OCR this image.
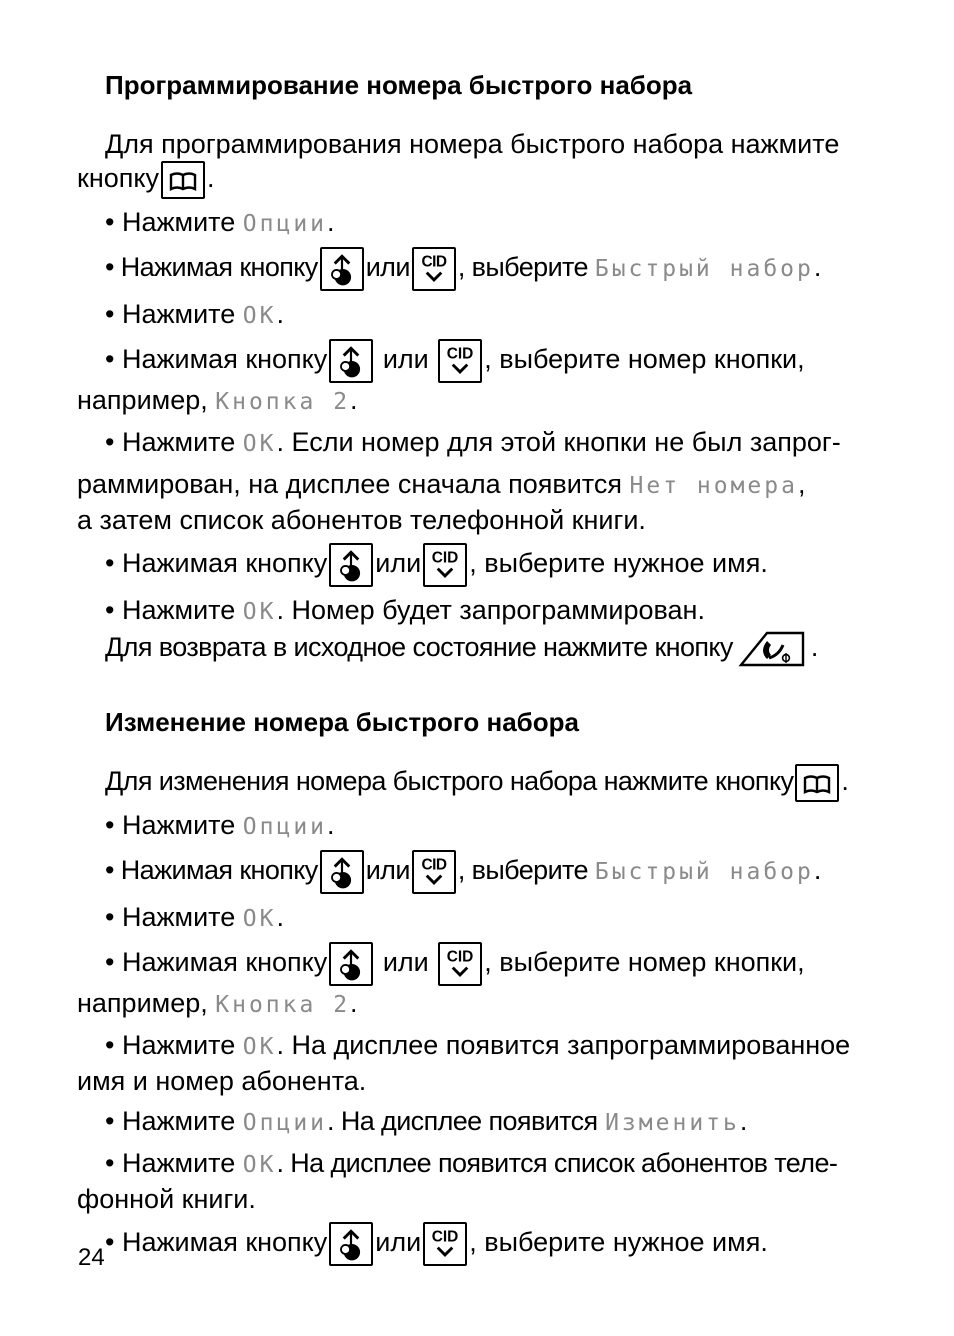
Программирование номера быстрого набора

Для программирования номера быстрого набора нажмите

кнопку .

• Нажмите Опции.

• Нажимая кнопку или , выберите Быстрый набор.

• Нажмите OK.

• Нажимая кнопку или , выберите номер кнопки,

например, Кнопка 2.

• Нажмите OK. Если номер для этой кнопки не был запрог-

раммирован, на дисплее сначала появится Нет номера,

а затем список абонентов телефонной книги.

• Нажимая кнопку или , выберите нужное имя.

• Нажмите OK. Номер будет запрограммирован.

Для возврата в исходное состояние нажмите кнопку	.

Изменение номера быстрого набора

Для изменения номера быстрого набора нажмите кнопку .

• Нажмите Опции.

• Нажимая кнопку или , выберите Быстрый набор.

• Нажмите OK.

• Нажимая кнопку или , выберите номер кнопки,

например, Кнопка 2.

• Нажмите OK. На дисплее появится запрограммированное

имя и номер абонента.

• Нажмите Опции. На дисплее появится Изменить.

• Нажмите OK. На дисплее появится список абонентов теле-

фонной книги.

• Нажимая кнопку или , выберите нужное имя.

24
